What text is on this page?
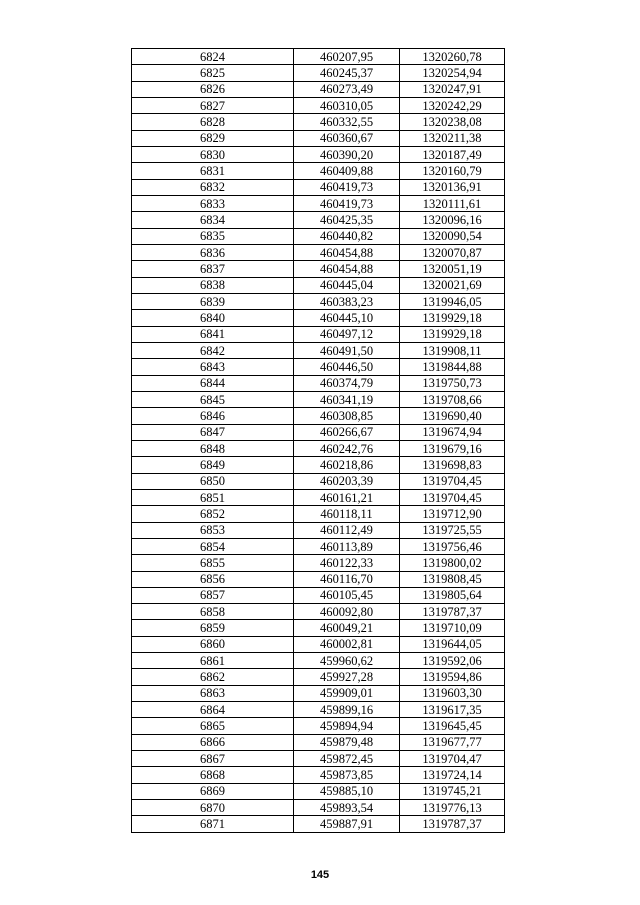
6824	460207,95	1320260,78
6825	460245,37	1320254,94
6826	460273,49	1320247,91
6827	460310,05	1320242,29
6828	460332,55	1320238,08
6829	460360,67	1320211,38
6830	460390,20	1320187,49
6831	460409,88	1320160,79
6832	460419,73	1320136,91
6833	460419,73	1320111,61
6834	460425,35	1320096,16
6835	460440,82	1320090,54
6836	460454,88	1320070,87
6837	460454,88	1320051,19
6838	460445,04	1320021,69
6839	460383,23	1319946,05
6840	460445,10	1319929,18
6841	460497,12	1319929,18
6842	460491,50	1319908,11
6843	460446,50	1319844,88
6844	460374,79	1319750,73
6845	460341,19	1319708,66
6846	460308,85	1319690,40
6847	460266,67	1319674,94
6848	460242,76	1319679,16
6849	460218,86	1319698,83
6850	460203,39	1319704,45
6851	460161,21	1319704,45
6852	460118,11	1319712,90
6853	460112,49	1319725,55
6854	460113,89	1319756,46
6855	460122,33	1319800,02
6856	460116,70	1319808,45
6857	460105,45	1319805,64
6858	460092,80	1319787,37
6859	460049,21	1319710,09
6860	460002,81	1319644,05
6861	459960,62	1319592,06
6862	459927,28	1319594,86
6863	459909,01	1319603,30
6864	459899,16	1319617,35
6865	459894,94	1319645,45
6866	459879,48	1319677,77
6867	459872,45	1319704,47
6868	459873,85	1319724,14
6869	459885,10	1319745,21
6870	459893,54	1319776,13
6871	459887,91	1319787,37
145
